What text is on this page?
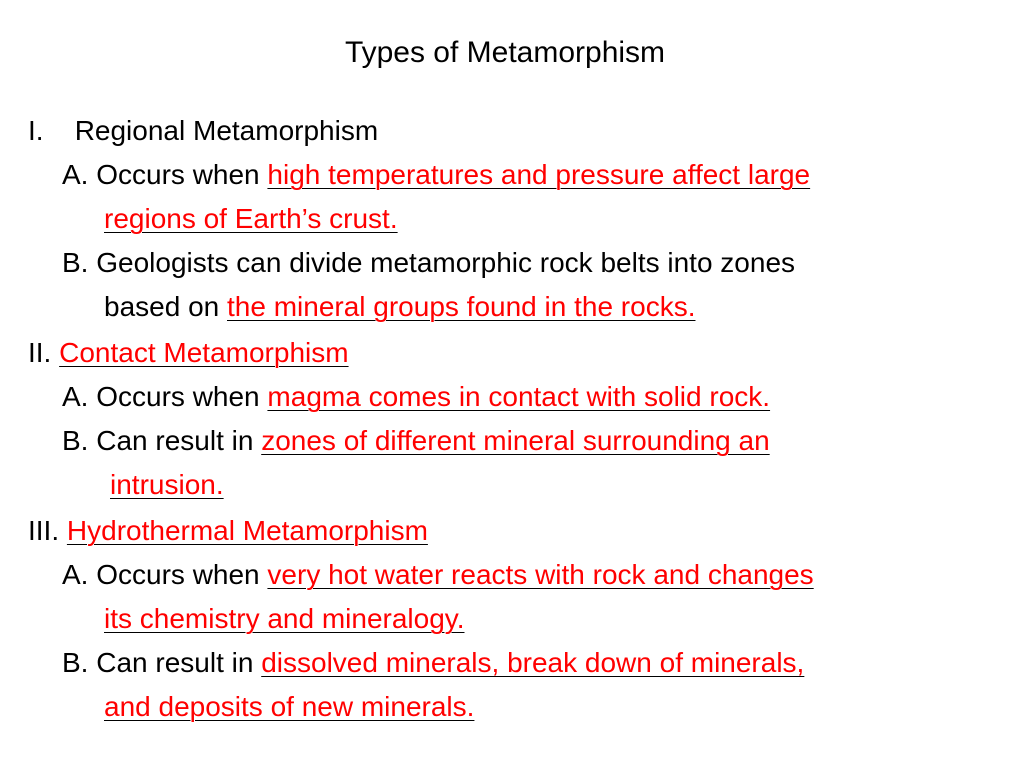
Types of Metamorphism
I. Regional Metamorphism
A. Occurs when high temperatures and pressure affect large
regions of Earth’s crust.
B. Geologists can divide metamorphic rock belts into zones
based on the mineral groups found in the rocks.
II. Contact Metamorphism
A. Occurs when magma comes in contact with solid rock.
B. Can result in zones of different mineral surrounding an
intrusion.
III. Hydrothermal Metamorphism
A. Occurs when very hot water reacts with rock and changes
its chemistry and mineralogy.
B. Can result in dissolved minerals, break down of minerals,
and deposits of new minerals.
